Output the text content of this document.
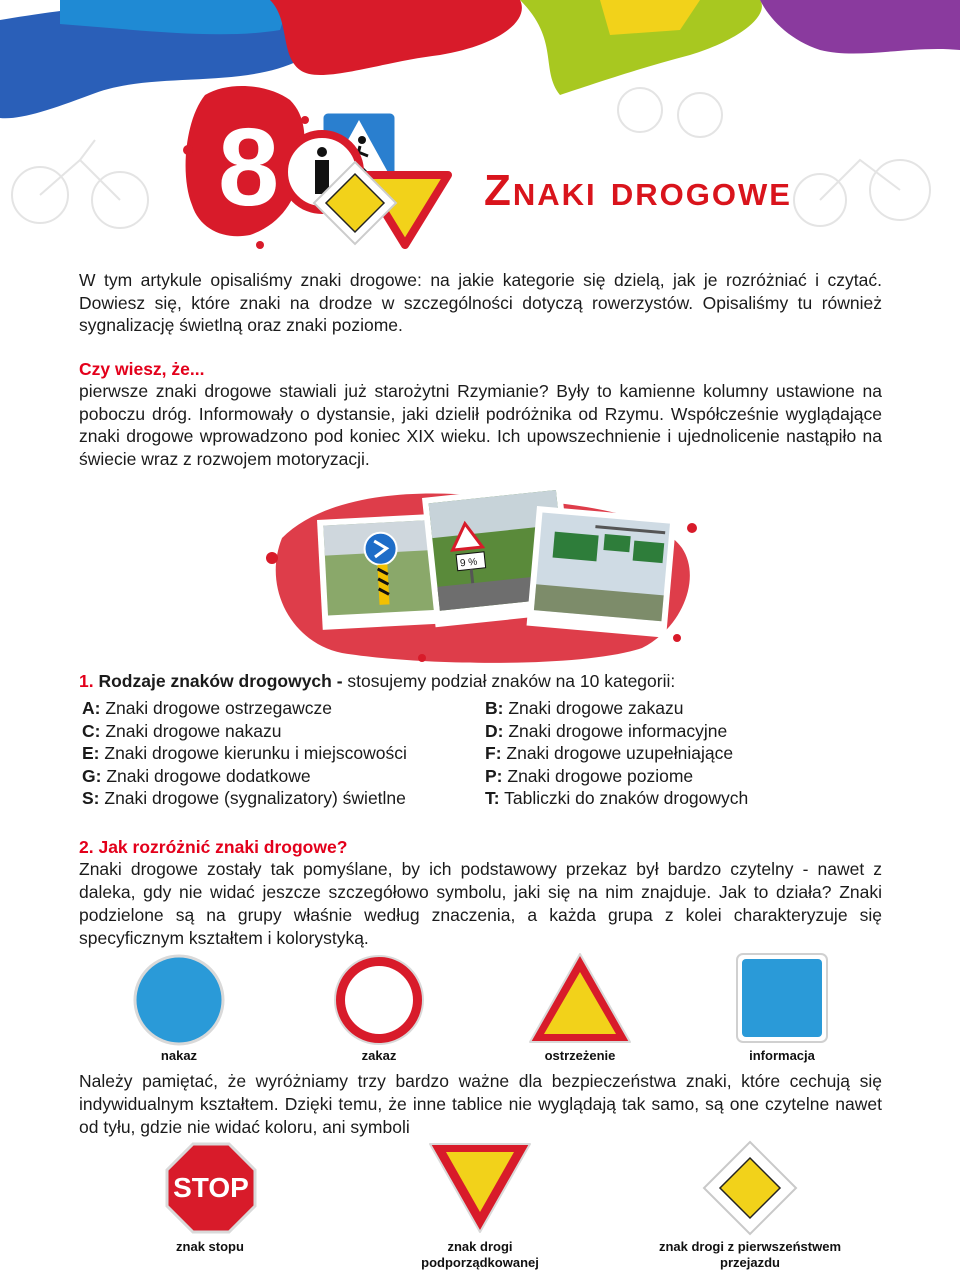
8	Znaki drogowe
W tym artykule opisaliśmy znaki drogowe: na jakie kategorie się dzielą, jak je rozróżniać i czytać. Dowiesz się, które znaki na drodze w szczególności dotyczą rowerzystów. Opisaliśmy tu również sygnalizację świetlną oraz znaki poziome.
Czy wiesz, że...
pierwsze znaki drogowe stawiali już starożytni Rzymianie? Były to kamienne kolumny ustawione na poboczu dróg. Informowały o dystansie, jaki dzielił podróżnika od Rzymu. Współcześnie wyglądające znaki drogowe wprowadzono pod koniec XIX wieku. Ich upowszechnienie i ujednolicenie nastąpiło na świecie wraz z rozwojem motoryzacji.
9 %
1. Rodzaje znaków drogowych - stosujemy podział znaków na 10 kategorii:
A: Znaki drogowe ostrzegawcze	B: Znaki drogowe zakazu
C: Znaki drogowe nakazu	D: Znaki drogowe informacyjne
E: Znaki drogowe kierunku i miejscowości	F: Znaki drogowe uzupełniające
G: Znaki drogowe dodatkowe	P: Znaki drogowe poziome
S: Znaki drogowe (sygnalizatory) świetlne	T: Tabliczki do znaków drogowych
2. Jak rozróżnić znaki drogowe?
Znaki drogowe zostały tak pomyślane, by ich podstawowy przekaz był bardzo czytelny - nawet z daleka, gdy nie widać jeszcze szczegółowo symbolu, jaki się na nim znajduje. Jak to działa? Znaki podzielone są na grupy właśnie według znaczenia, a każda grupa z kolei charakteryzuje się specyficznym kształtem i kolorystyką.
nakaz	zakaz	ostrzeżenie	informacja
Należy pamiętać, że wyróżniamy trzy bardzo ważne dla bezpieczeństwa znaki, które cechują się indywidualnym kształtem. Dzięki temu, że inne tablice nie wyglądają tak samo, są one czytelne nawet od tyłu, gdzie nie widać koloru, ani symboli
STOP
znak stopu	znak drogi podporządkowanej
znak drogi z pierwszeństwem przejazdu
